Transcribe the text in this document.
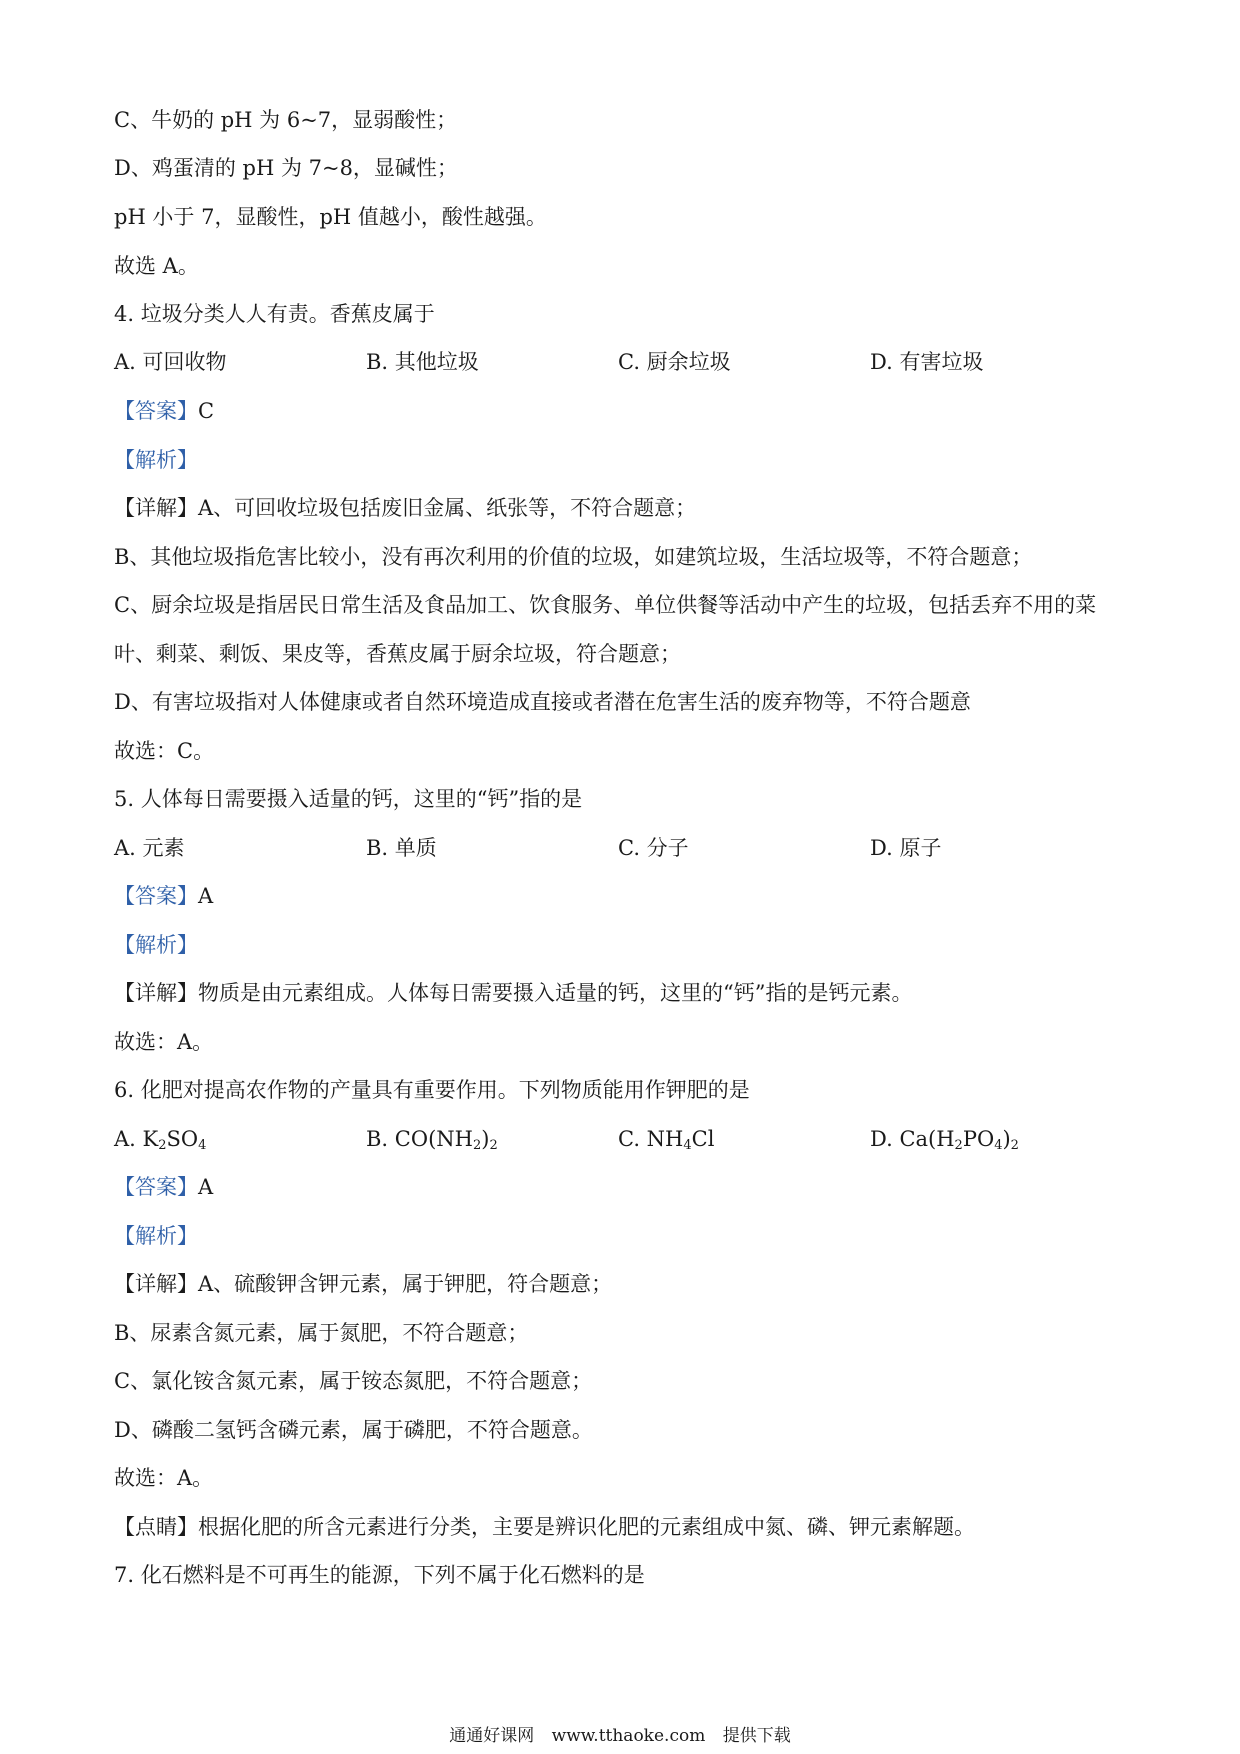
C、牛奶的 pH 为 6~7，显弱酸性；
D、鸡蛋清的 pH 为 7~8，显碱性；
pH 小于 7，显酸性，pH 值越小，酸性越强。
故选 A。
4. 垃圾分类人人有责。香蕉皮属于
A. 可回收物	B. 其他垃圾	C. 厨余垃圾	D. 有害垃圾
【答案】C
【解析】
【详解】A、可回收垃圾包括废旧金属、纸张等，不符合题意；
B、其他垃圾指危害比较小，没有再次利用的价值的垃圾，如建筑垃圾，生活垃圾等，不符合题意；
C、厨余垃圾是指居民日常生活及食品加工、饮食服务、单位供餐等活动中产生的垃圾，包括丢弃不用的菜
叶、剩菜、剩饭、果皮等，香蕉皮属于厨余垃圾，符合题意；
D、有害垃圾指对人体健康或者自然环境造成直接或者潜在危害生活的废弃物等，不符合题意
故选：C。
5. 人体每日需要摄入适量的钙，这里的“钙”指的是
A. 元素	B. 单质	C. 分子	D. 原子
【答案】A
【解析】
【详解】物质是由元素组成。人体每日需要摄入适量的钙，这里的“钙”指的是钙元素。
故选：A。
6. 化肥对提高农作物的产量具有重要作用。下列物质能用作钾肥的是
A. $K_2SO_4$	B. $CO(NH_2)_2$	C. $NH_4Cl$	D. $Ca(H_2PO_4)_2$
【答案】A
【解析】
【详解】A、硫酸钾含钾元素，属于钾肥，符合题意；
B、尿素含氮元素，属于氮肥，不符合题意；
C、氯化铵含氮元素，属于铵态氮肥，不符合题意；
D、磷酸二氢钙含磷元素，属于磷肥，不符合题意。
故选：A。
【点睛】根据化肥的所含元素进行分类，主要是辨识化肥的元素组成中氮、磷、钾元素解题。
7. 化石燃料是不可再生的能源，下列不属于化石燃料的是
通通好课网 www.tthaoke.com 提供下载
